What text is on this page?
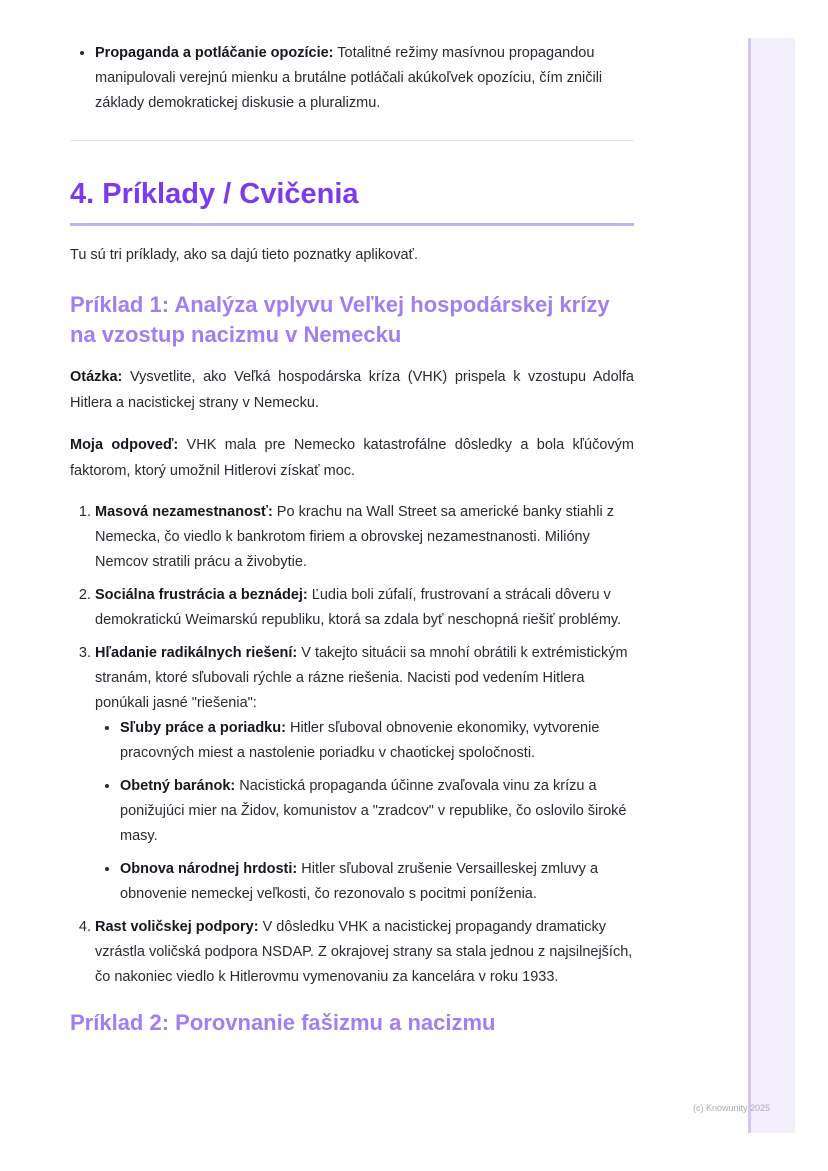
• Propaganda a potláčanie opozície: Totalitné režimy masívnou propagandou manipulovali verejnú mienku a brutálne potláčali akúkoľvek opozíciu, čím zničili základy demokratickej diskusie a pluralizmu.
4. Príklady / Cvičenia

Tu sú tri príklady, ako sa dajú tieto poznatky aplikovať.

Príklad 1: Analýza vplyvu Veľkej hospodárskej krízy na vzostup nacizmu v Nemecku

Otázka: Vysvetlite, ako Veľká hospodárska kríza (VHK) prispela k vzostupu Adolfa Hitlera a nacistickej strany v Nemecku.

Moja odpoveď: VHK mala pre Nemecko katastrofálne dôsledky a bola kľúčovým faktorom, ktorý umožnil Hitlerovi získať moc.

1. Masová nezamestnanosť: Po krachu na Wall Street sa americké banky stiahli z Nemecka, čo viedlo k bankrotom firiem a obrovskej nezamestnanosti. Milióny Nemcov stratili prácu a živobytie.
2. Sociálna frustrácia a beznádej: Ľudia boli zúfalí, frustrovaní a strácali dôveru v demokratickú Weimarskú republiku, ktorá sa zdala byť neschopná riešiť problémy.
3. Hľadanie radikálnych riešení: V takejto situácii sa mnohí obrátili k extrémistickým stranám, ktoré sľubovali rýchle a rázne riešenia. Nacisti pod vedením Hitlera ponúkali jasné "riešenia":
• Sľuby práce a poriadku: Hitler sľuboval obnovenie ekonomiky, vytvorenie pracovných miest a nastolenie poriadku v chaotickej spoločnosti.
• Obetný baránok: Nacistická propaganda účinne zvaľovala vinu za krízu a ponižujúci mier na Židov, komunistov a "zradcov" v republike, čo oslovilo široké masy.
• Obnova národnej hrdosti: Hitler sľuboval zrušenie Versailleskej zmluvy a obnovenie nemeckej veľkosti, čo rezonovalo s pocitmi poníženia.
4. Rast voličskej podpory: V dôsledku VHK a nacistickej propagandy dramaticky vzrástla voličská podpora NSDAP. Z okrajovej strany sa stala jednou z najsilnejších, čo nakoniec viedlo k Hitlerovmu vymenovaniu za kancelára v roku 1933.
Príklad 2: Porovnanie fašizmu a nacizmu
(c) Knowunity 2025
